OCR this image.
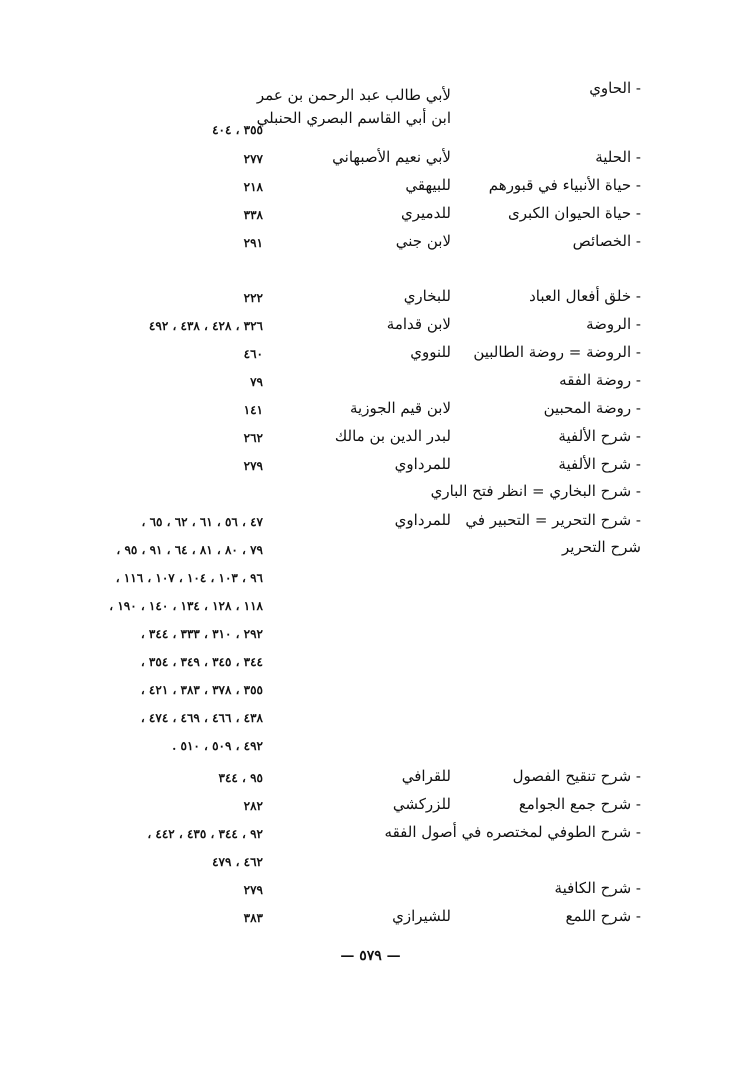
- الحاوي
لأبي طالب عبد الرحمن بن عمر
ابن أبي القاسم البصري الحنبلي
٣٥٥ ، ٤٠٤
- الحلية
لأبي نعيم الأصبهاني
٢٧٧
- حياة الأنبياء في قبورهم
للبيهقي
٢١٨
- حياة الحيوان الكبرى
للدميري
٣٣٨
- الخصائص
لابن جني
٢٩١
- خلق أفعال العباد
للبخاري
٢٢٢
- الروضة
لابن قدامة
٣٢٦ ، ٤٢٨ ، ٤٣٨ ، ٤٩٢
- الروضة = روضة الطالبين
للنووي
٤٦٠
- روضة الفقه
٧٩
- روضة المحبين
لابن قيم الجوزية
١٤١
- شرح الألفية
لبدر الدين بن مالك
٢٦٢
- شرح الألفية
للمرداوي
٢٧٩
- شرح البخاري = انظر فتح الباري
- شرح التحرير = التحبير في
للمرداوي
٤٧ ، ٥٦ ، ٦١ ، ٦٢ ، ٦٥ ،
شرح التحرير
٧٩ ، ٨٠ ، ٨١ ، ٦٤ ، ٩١ ، ٩٥ ،
٩٦ ، ١٠٣ ، ١٠٤ ، ١٠٧ ، ١١٦ ،
١١٨ ، ١٢٨ ، ١٣٤ ، ١٤٠ ، ١٩٠ ،
٢٩٢ ، ٣١٠ ، ٣٣٣ ، ٣٤٤ ،
٣٤٤ ، ٣٤٥ ، ٣٤٩ ، ٣٥٤ ،
٣٥٥ ، ٣٧٨ ، ٣٨٣ ، ٤٢١ ،
٤٣٨ ، ٤٦٦ ، ٤٦٩ ، ٤٧٤ ،
٤٩٢ ، ٥٠٩ ، ٥١٠ .
- شرح تنقيح الفصول
للقرافي
٩٥ ، ٣٤٤
- شرح جمع الجوامع
للزركشي
٢٨٢
- شرح الطوفي لمختصره في أصول الفقه
٩٢ ، ٣٤٤ ، ٤٣٥ ، ٤٤٢ ،
٤٦٢ ، ٤٧٩
- شرح الكافية
٢٧٩
- شرح اللمع
للشيرازي
٣٨٣
— ٥٧٩ —
